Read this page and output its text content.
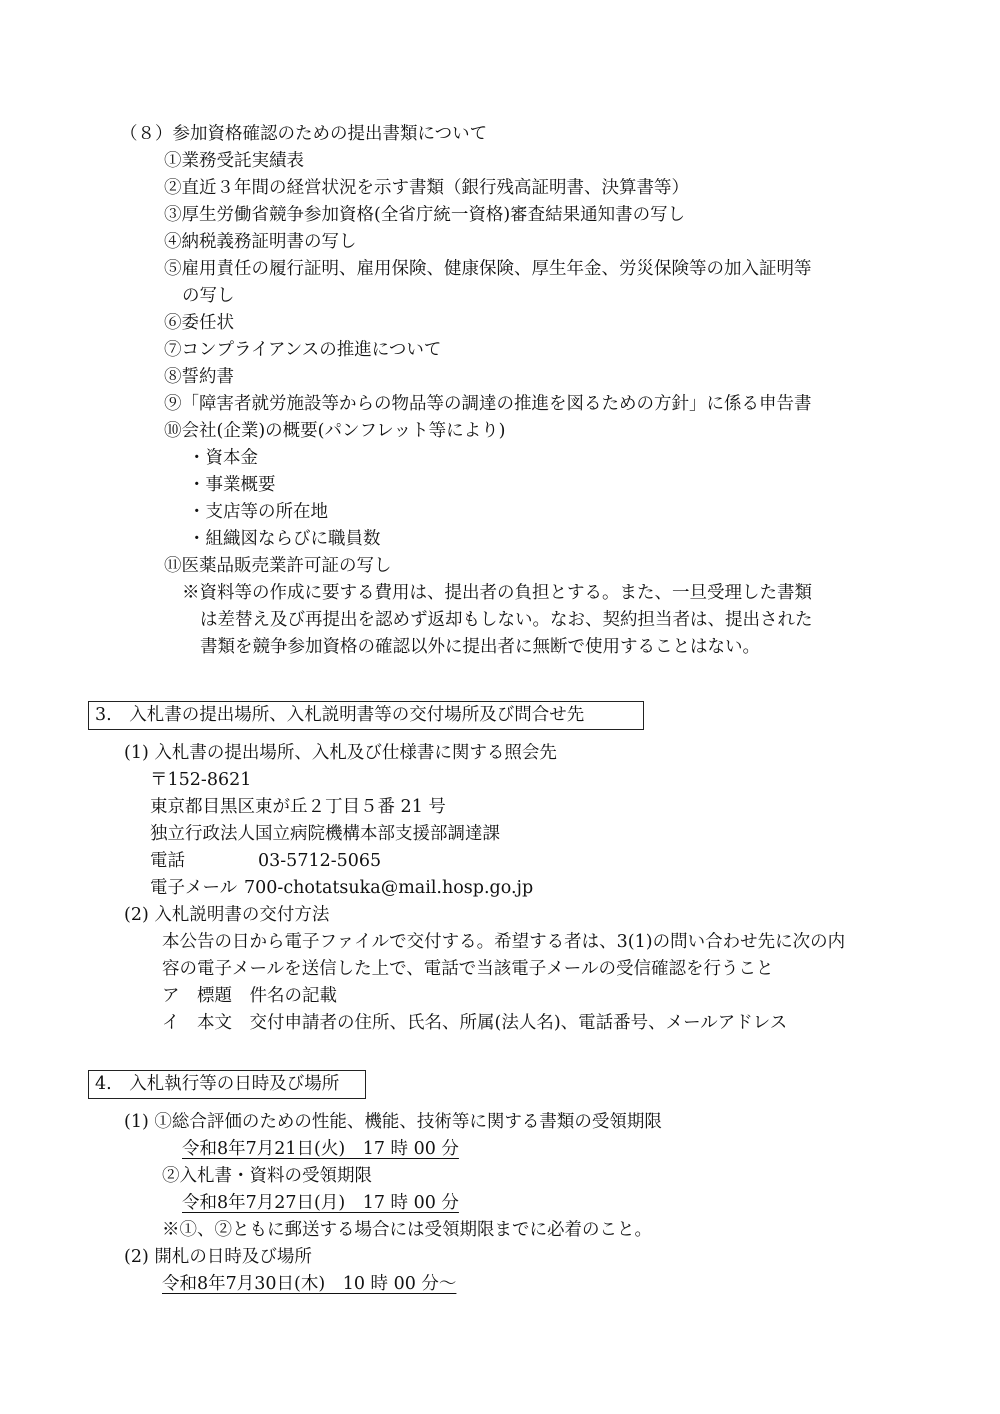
（８）参加資格確認のための提出書類について
①業務受託実績表
②直近３年間の経営状況を示す書類（銀行残高証明書、決算書等）
③厚生労働省競争参加資格(全省庁統一資格)審査結果通知書の写し
④納税義務証明書の写し
⑤雇用責任の履行証明、雇用保険、健康保険、厚生年金、労災保険等の加入証明等
の写し
⑥委任状
⑦コンプライアンスの推進について
⑧誓約書
⑨「障害者就労施設等からの物品等の調達の推進を図るための方針」に係る申告書
⑩会社(企業)の概要(パンフレット等により)
・資本金
・事業概要
・支店等の所在地
・組織図ならびに職員数
⑪医薬品販売業許可証の写し
※資料等の作成に要する費用は、提出者の負担とする。また、一旦受理した書類
は差替え及び再提出を認めず返却もしない。なお、契約担当者は、提出された
書類を競争参加資格の確認以外に提出者に無断で使用することはない。
3.　入札書の提出場所、入札説明書等の交付場所及び問合せ先
(1) 入札書の提出場所、入札及び仕様書に関する照会先
〒152-8621
東京都目黒区東が丘２丁目５番 21 号
独立行政法人国立病院機構本部支援部調達課
電話	03-5712-5065
電子メール 700-chotatsuka@mail.hosp.go.jp
(2) 入札説明書の交付方法
本公告の日から電子ファイルで交付する。希望する者は、3(1)の問い合わせ先に次の内
容の電子メールを送信した上で、電話で当該電子メールの受信確認を行うこと
ア　標題　件名の記載
イ　本文　交付申請者の住所、氏名、所属(法人名)、電話番号、メールアドレス
4.　入札執行等の日時及び場所
(1) ①総合評価のための性能、機能、技術等に関する書類の受領期限
令和8年7月21日(火)　17 時 00 分
②入札書・資料の受領期限
令和8年7月27日(月)　17 時 00 分
※①、②ともに郵送する場合には受領期限までに必着のこと。
(2) 開札の日時及び場所
令和8年7月30日(木)　10 時 00 分～
